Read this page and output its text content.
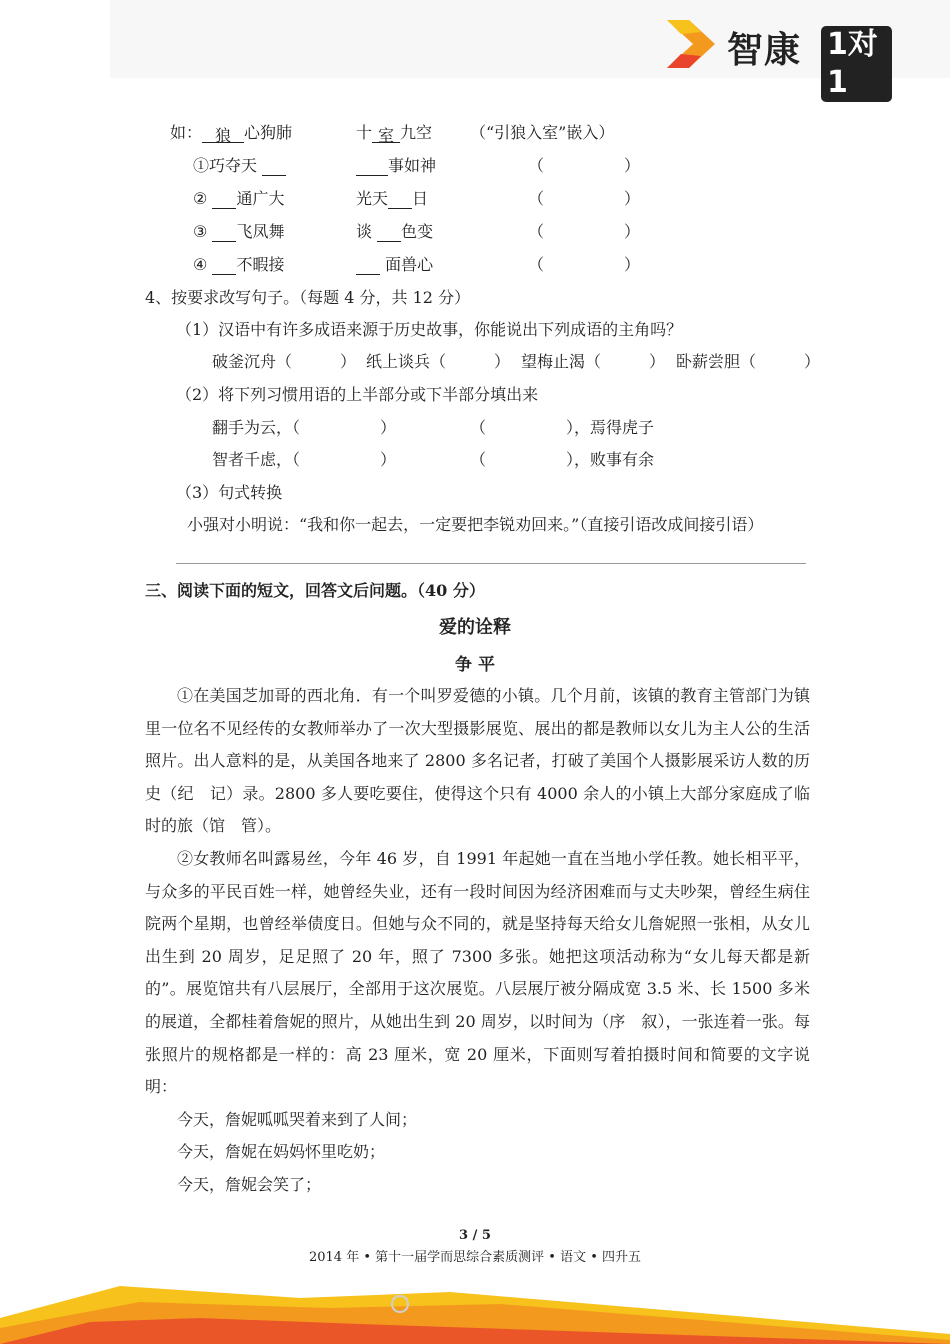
智康 1对1
如： 狼 心狗肺	十 室 九空 （“引狼入室”嵌入）
①巧夺天	事如神	（　　　　　）
② 通广大	光天 日	（　　　　　）
③ 飞凤舞	谈 色变	（　　　　　）
④ 不暇接	面兽心	（　　　　　）
4、按要求改写句子。（每题 4 分，共 12 分）
（1）汉语中有许多成语来源于历史故事，你能说出下列成语的主角吗？
破釜沉舟（　　　） 纸上谈兵（　　　） 望梅止渴（　　　） 卧薪尝胆（　　　）
（2）将下列习惯用语的上半部分或下半部分填出来
翻手为云，（　　　　　）	（　　　　　），焉得虎子
智者千虑，（　　　　　）	（　　　　　），败事有余
（3）句式转换
小强对小明说：“我和你一起去，一定要把李锐劝回来。”（直接引语改成间接引语）
三、阅读下面的短文，回答文后问题。（40 分）
爱的诠释
争 平

①在美国芝加哥的西北角．有一个叫罗爱德的小镇。几个月前，该镇的教育主管部门为镇里一位名不见经传的女教师举办了一次大型摄影展览、展出的都是教师以女儿为主人公的生活照片。出人意料的是，从美国各地来了 2800 多名记者，打破了美国个人摄影展采访人数的历史（纪　记）录。2800 多人要吃要住，使得这个只有 4000 余人的小镇上大部分家庭成了临时的旅（馆　管）。

②女教师名叫露易丝，今年 46 岁，自 1991 年起她一直在当地小学任教。她长相平平，与众多的平民百姓一样，她曾经失业，还有一段时间因为经济困难而与丈夫吵架，曾经生病住院两个星期，也曾经举债度日。但她与众不同的，就是坚持每天给女儿詹妮照一张相，从女儿出生到 20 周岁，足足照了 20 年，照了 7300 多张。她把这项活动称为“女儿每天都是新的”。展览馆共有八层展厅，全部用于这次展览。八层展厅被分隔成宽 3.5 米、长 1500 多米的展道，全都桂着詹妮的照片，从她出生到 20 周岁，以时间为（序　叙），一张连着一张。每张照片的规格都是一样的：高 23 厘米，宽 20 厘米，下面则写着拍摄时间和简要的文字说明：

今天，詹妮呱呱哭着来到了人间；

今天，詹妮在妈妈怀里吃奶；

今天，詹妮会笑了；

3 / 5
2014 年 • 第十一届学而思综合素质测评 • 语文 • 四升五
